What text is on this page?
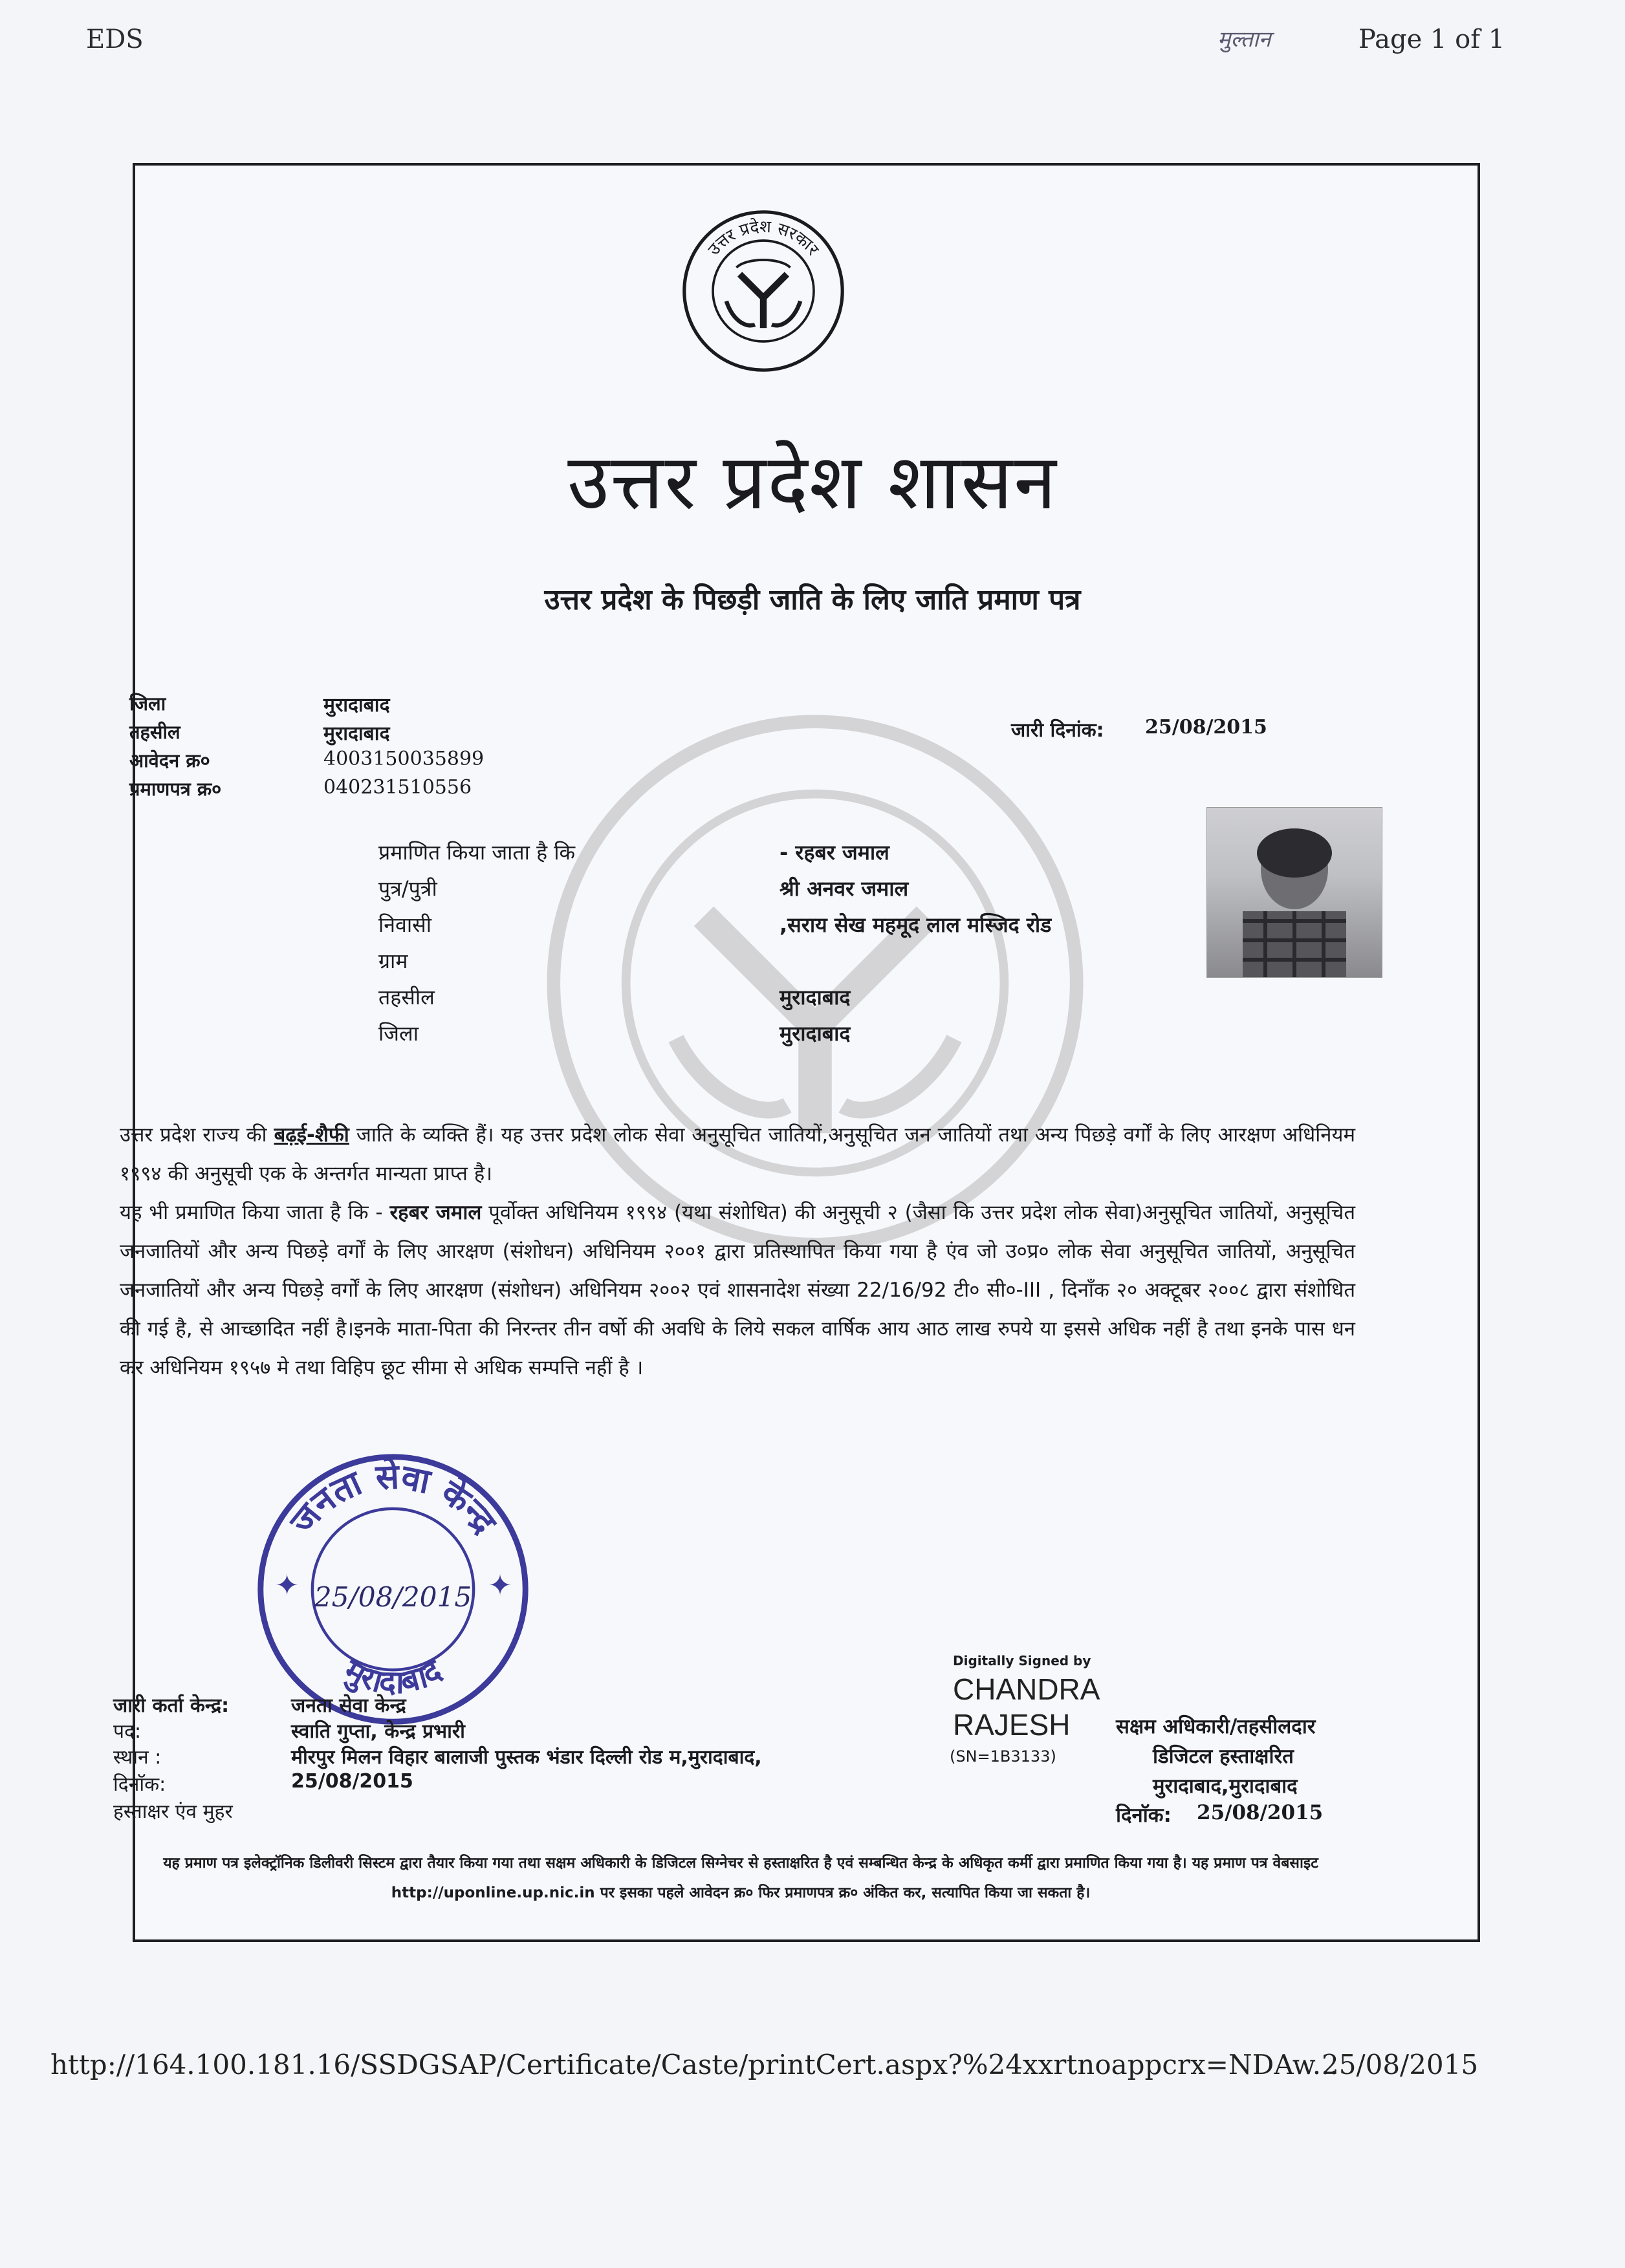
EDS	मुल्तान	Page 1 of 1
उत्तर प्रदेश सरकार
उत्तर प्रदेश शासन
उत्तर प्रदेश के पिछड़ी जाति के लिए जाति प्रमाण पत्र
जिला	मुरादाबाद
तहसील	मुरादाबाद
आवेदन क्र०	4003150035899
प्रमाणपत्र क्र०	040231510556
जारी दिनांक: 25/08/2015
प्रमाणित किया जाता है कि	- रहबर जमाल
पुत्र/पुत्री	श्री अनवर जमाल
निवासी	,सराय सेख महमूद लाल मस्जिद रोड
ग्राम
तहसील	मुरादाबाद
जिला	मुरादाबाद

उत्तर प्रदेश राज्य की बढ़ई-शैफी जाति के व्यक्ति हैं। यह उत्तर प्रदेश लोक सेवा अनुसूचित जातियों,अनुसूचित जन जातियों तथा अन्य पिछड़े वर्गों के लिए आरक्षण अधिनियम १९९४ की अनुसूची एक के अन्तर्गत मान्यता प्राप्त है।

यह भी प्रमाणित किया जाता है कि - रहबर जमाल पूर्वोक्त अधिनियम १९९४ (यथा संशोधित) की अनुसूची २ (जैसा कि उत्तर प्रदेश लोक सेवा)अनुसूचित जातियों, अनुसूचित जनजातियों और अन्य पिछड़े वर्गों के लिए आरक्षण (संशोधन) अधिनियम २००१ द्वारा प्रतिस्थापित किया गया है एंव जो उ०प्र० लोक सेवा अनुसूचित जातियों, अनुसूचित जनजातियों और अन्य पिछड़े वर्गों के लिए आरक्षण (संशोधन) अधिनियम २००२ एवं शासनादेश संख्या 22/16/92 टी० सी०-III , दिनाँक २० अक्टूबर २००८ द्वारा संशोधित की गई है, से आच्छादित नहीं है।इनके माता-पिता की निरन्तर तीन वर्षो की अवधि के लिये सकल वार्षिक आय आठ लाख रुपये या इससे अधिक नहीं है तथा इनके पास धन कर अधिनियम १९५७ मे तथा विहिप छूट सीमा से अधिक सम्पत्ति नहीं है ।

जनता सेवा केन्द्र
मुरादाबाद
✦	✦
25/08/2015
Digitally Signed by
CHANDRA
RAJESH
(SN=1B3133)
सक्षम अधिकारी/तहसीलदार
डिजिटल हस्ताक्षरित
मुरादाबाद,मुरादाबाद
दिनाॅक: 25/08/2015
जारी कर्ता केन्द्र:	जनता सेवा केन्द्र
पद:	स्वाति गुप्ता, केन्द्र प्रभारी
स्थान :	मीरपुर मिलन विहार बालाजी पुस्तक भंडार दिल्ली रोड म,मुरादाबाद,
दिनाॅक:	25/08/2015
हस्ताक्षर एंव मुहर
यह प्रमाण पत्र इलेक्ट्रॉनिक डिलीवरी सिस्टम द्वारा तैयार किया गया तथा सक्षम अधिकारी के डिजिटल सिग्नेचर से हस्ताक्षरित है एवं सम्बन्धित केन्द्र के अधिकृत कर्मी द्वारा प्रमाणित किया गया है। यह प्रमाण पत्र वेबसाइट http://uponline.up.nic.in पर इसका पहले आवेदन क्र० फिर प्रमाणपत्र क्र० अंकित कर, सत्यापित किया जा सकता है।
http://164.100.181.16/SSDGSAP/Certificate/Caste/printCert.aspx?%24xxrtnoappcrx=NDAw...
25/08/2015
